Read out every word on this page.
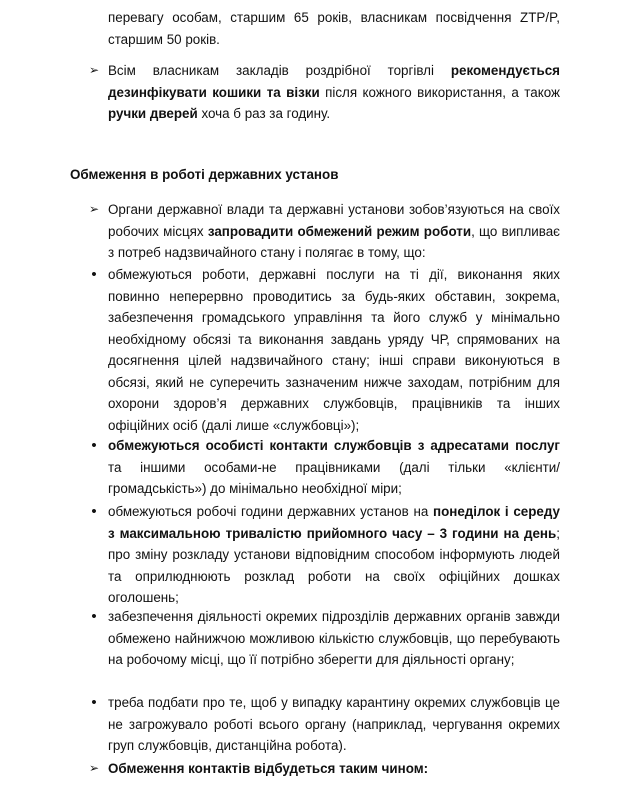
перевагу особам, старшим 65 років, власникам посвідчення ZTP/P, старшим 50 років.
➢ Всім власникам закладів роздрібної торгівлі рекомендується дезинфікувати кошики та візки після кожного використання, а також ручки дверей хоча б раз за годину.
Обмеження в роботі державних установ
➢ Органи державної влади та державні установи зобов’язуються на своїх робочих місцях запровадити обмежений режим роботи, що випливає з потреб надзвичайного стану і полягає в тому, що:
• обмежуються роботи, державні послуги на ті дії, виконання яких повинно неперервно проводитись за будь-яких обставин, зокрема, забезпечення громадського управління та його служб у мінімально необхідному обсязі та виконання завдань уряду ЧР, спрямованих на досягнення цілей надзвичайного стану; інші справи виконуються в обсязі, який не суперечить зазначеним нижче заходам, потрібним для охорони здоров’я державних службовців, працівників та інших офіційних осіб (далі лише «службовці»);
• обмежуються особисті контакти службовців з адресатами послуг та іншими особами-не працівниками (далі тільки «клієнти/громадськість») до мінімально необхідної міри;
• обмежуються робочі години державних установ на понеділок і середу з максимальною тривалістю прийомного часу – 3 години на день; про зміну розкладу установи відповідним способом інформують людей та оприлюднюють розклад роботи на своїх офіційних дошках оголошень;
• забезпечення діяльності окремих підрозділів державних органів завжди обмежено найнижчою можливою кількістю службовців, що перебувають на робочому місці, що її потрібно зберегти для діяльності органу;
• треба подбати про те, щоб у випадку карантину окремих службовців це не загрожувало роботі всього органу (наприклад, чергування окремих груп службовців, дистанційна робота).
➢ Обмеження контактів відбудеться таким чином:
